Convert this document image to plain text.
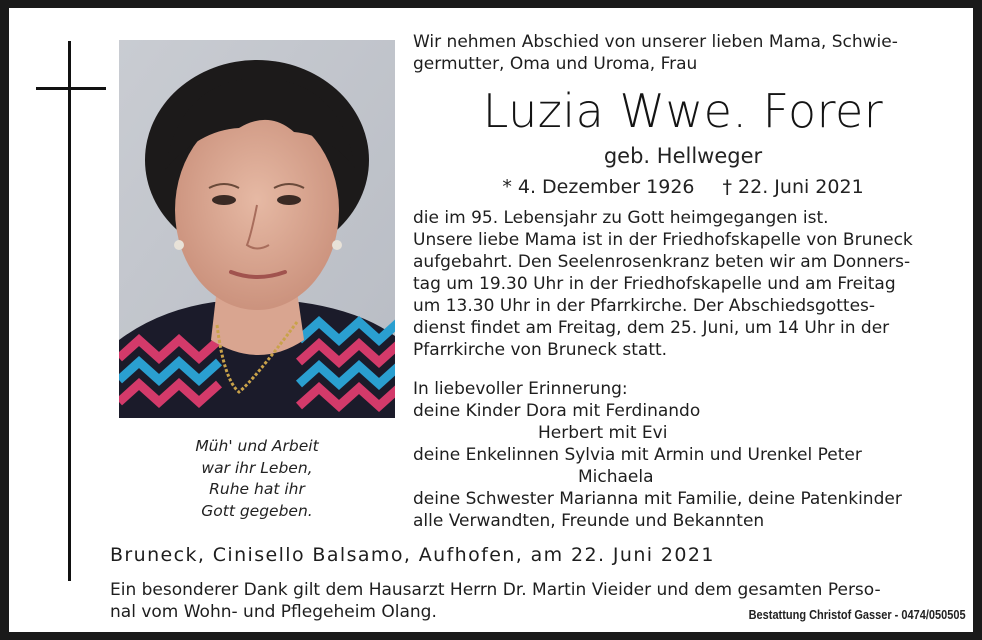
Müh' und Arbeit
war ihr Leben,
Ruhe hat ihr
Gott gegeben.
Wir nehmen Abschied von unserer lieben Mama, Schwie-
germutter, Oma und Uroma, Frau
Luzia Wwe. Forer
geb. Hellweger
* 4. Dezember 1926 † 22. Juni 2021
die im 95. Lebensjahr zu Gott heimgegangen ist.
Unsere liebe Mama ist in der Friedhofskapelle von Bruneck
aufgebahrt. Den Seelenrosenkranz beten wir am Donners-
tag um 19.30 Uhr in der Friedhofskapelle und am Freitag
um 13.30 Uhr in der Pfarrkirche. Der Abschiedsgottes-
dienst findet am Freitag, dem 25. Juni, um 14 Uhr in der
Pfarrkirche von Bruneck statt.
In liebevoller Erinnerung:
deine Kinder Dora mit Ferdinando
Herbert mit Evi
deine Enkelinnen Sylvia mit Armin und Urenkel Peter
Michaela
deine Schwester Marianna mit Familie, deine Patenkinder
alle Verwandten, Freunde und Bekannten
Bruneck, Cinisello Balsamo, Aufhofen, am 22. Juni 2021
Ein besonderer Dank gilt dem Hausarzt Herrn Dr. Martin Vieider und dem gesamten Perso-
nal vom Wohn- und Pflegeheim Olang.	Bestattung Christof Gasser - 0474/050505
